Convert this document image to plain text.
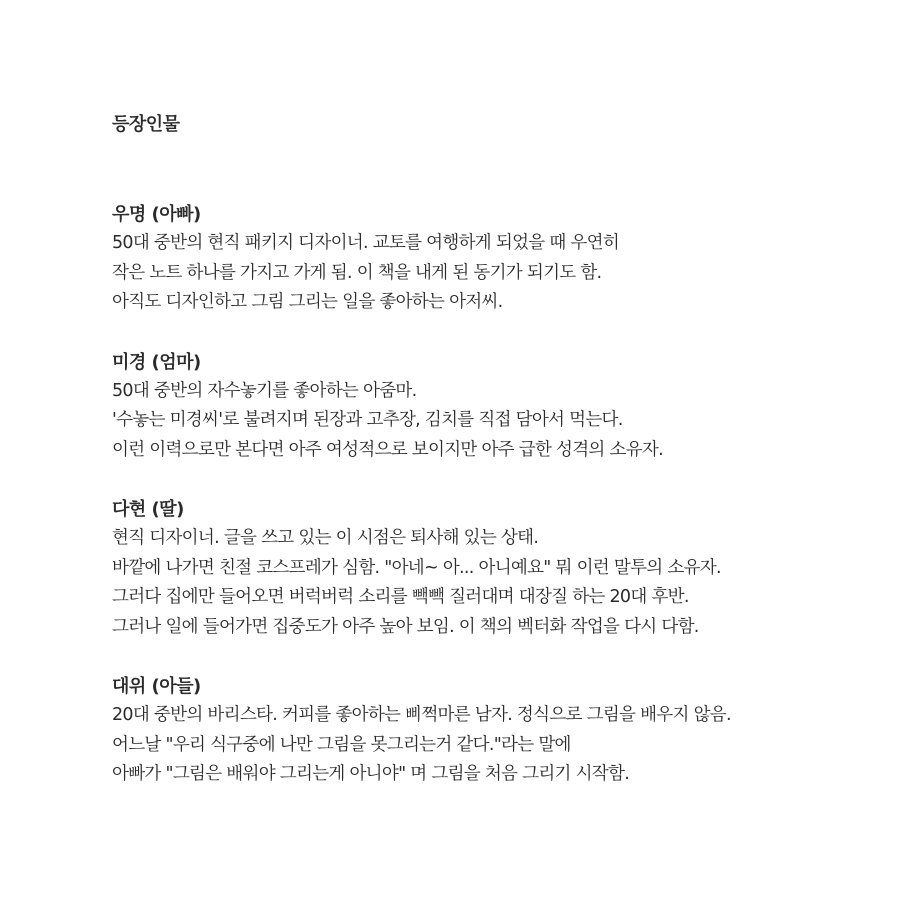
등장인물
우명 (아빠)

50대 중반의 현직 패키지 디자이너. 교토를 여행하게 되었을 때 우연히

작은 노트 하나를 가지고 가게 됨. 이 책을 내게 된 동기가 되기도 함.

아직도 디자인하고 그림 그리는 일을 좋아하는 아저씨.

미경 (엄마)

50대 중반의 자수놓기를 좋아하는 아줌마.

'수놓는 미경씨'로 불려지며 된장과 고추장, 김치를 직접 담아서 먹는다.

이런 이력으로만 본다면 아주 여성적으로 보이지만 아주 급한 성격의 소유자.

다현 (딸)

현직 디자이너. 글을 쓰고 있는 이 시점은 퇴사해 있는 상태.

바깥에 나가면 친절 코스프레가 심함. "아네~ 아... 아니예요" 뭐 이런 말투의 소유자.

그러다 집에만 들어오면 버럭버럭 소리를 빽빽 질러대며 대장질 하는 20대 후반.

그러나 일에 들어가면 집중도가 아주 높아 보임. 이 책의 벡터화 작업을 다시 다함.

대위 (아들)

20대 중반의 바리스타. 커피를 좋아하는 삐쩍마른 남자. 정식으로 그림을 배우지 않음.

어느날 "우리 식구중에 나만 그림을 못그리는거 같다."라는 말에

아빠가 "그림은 배워야 그리는게 아니야" 며 그림을 처음 그리기 시작함.
